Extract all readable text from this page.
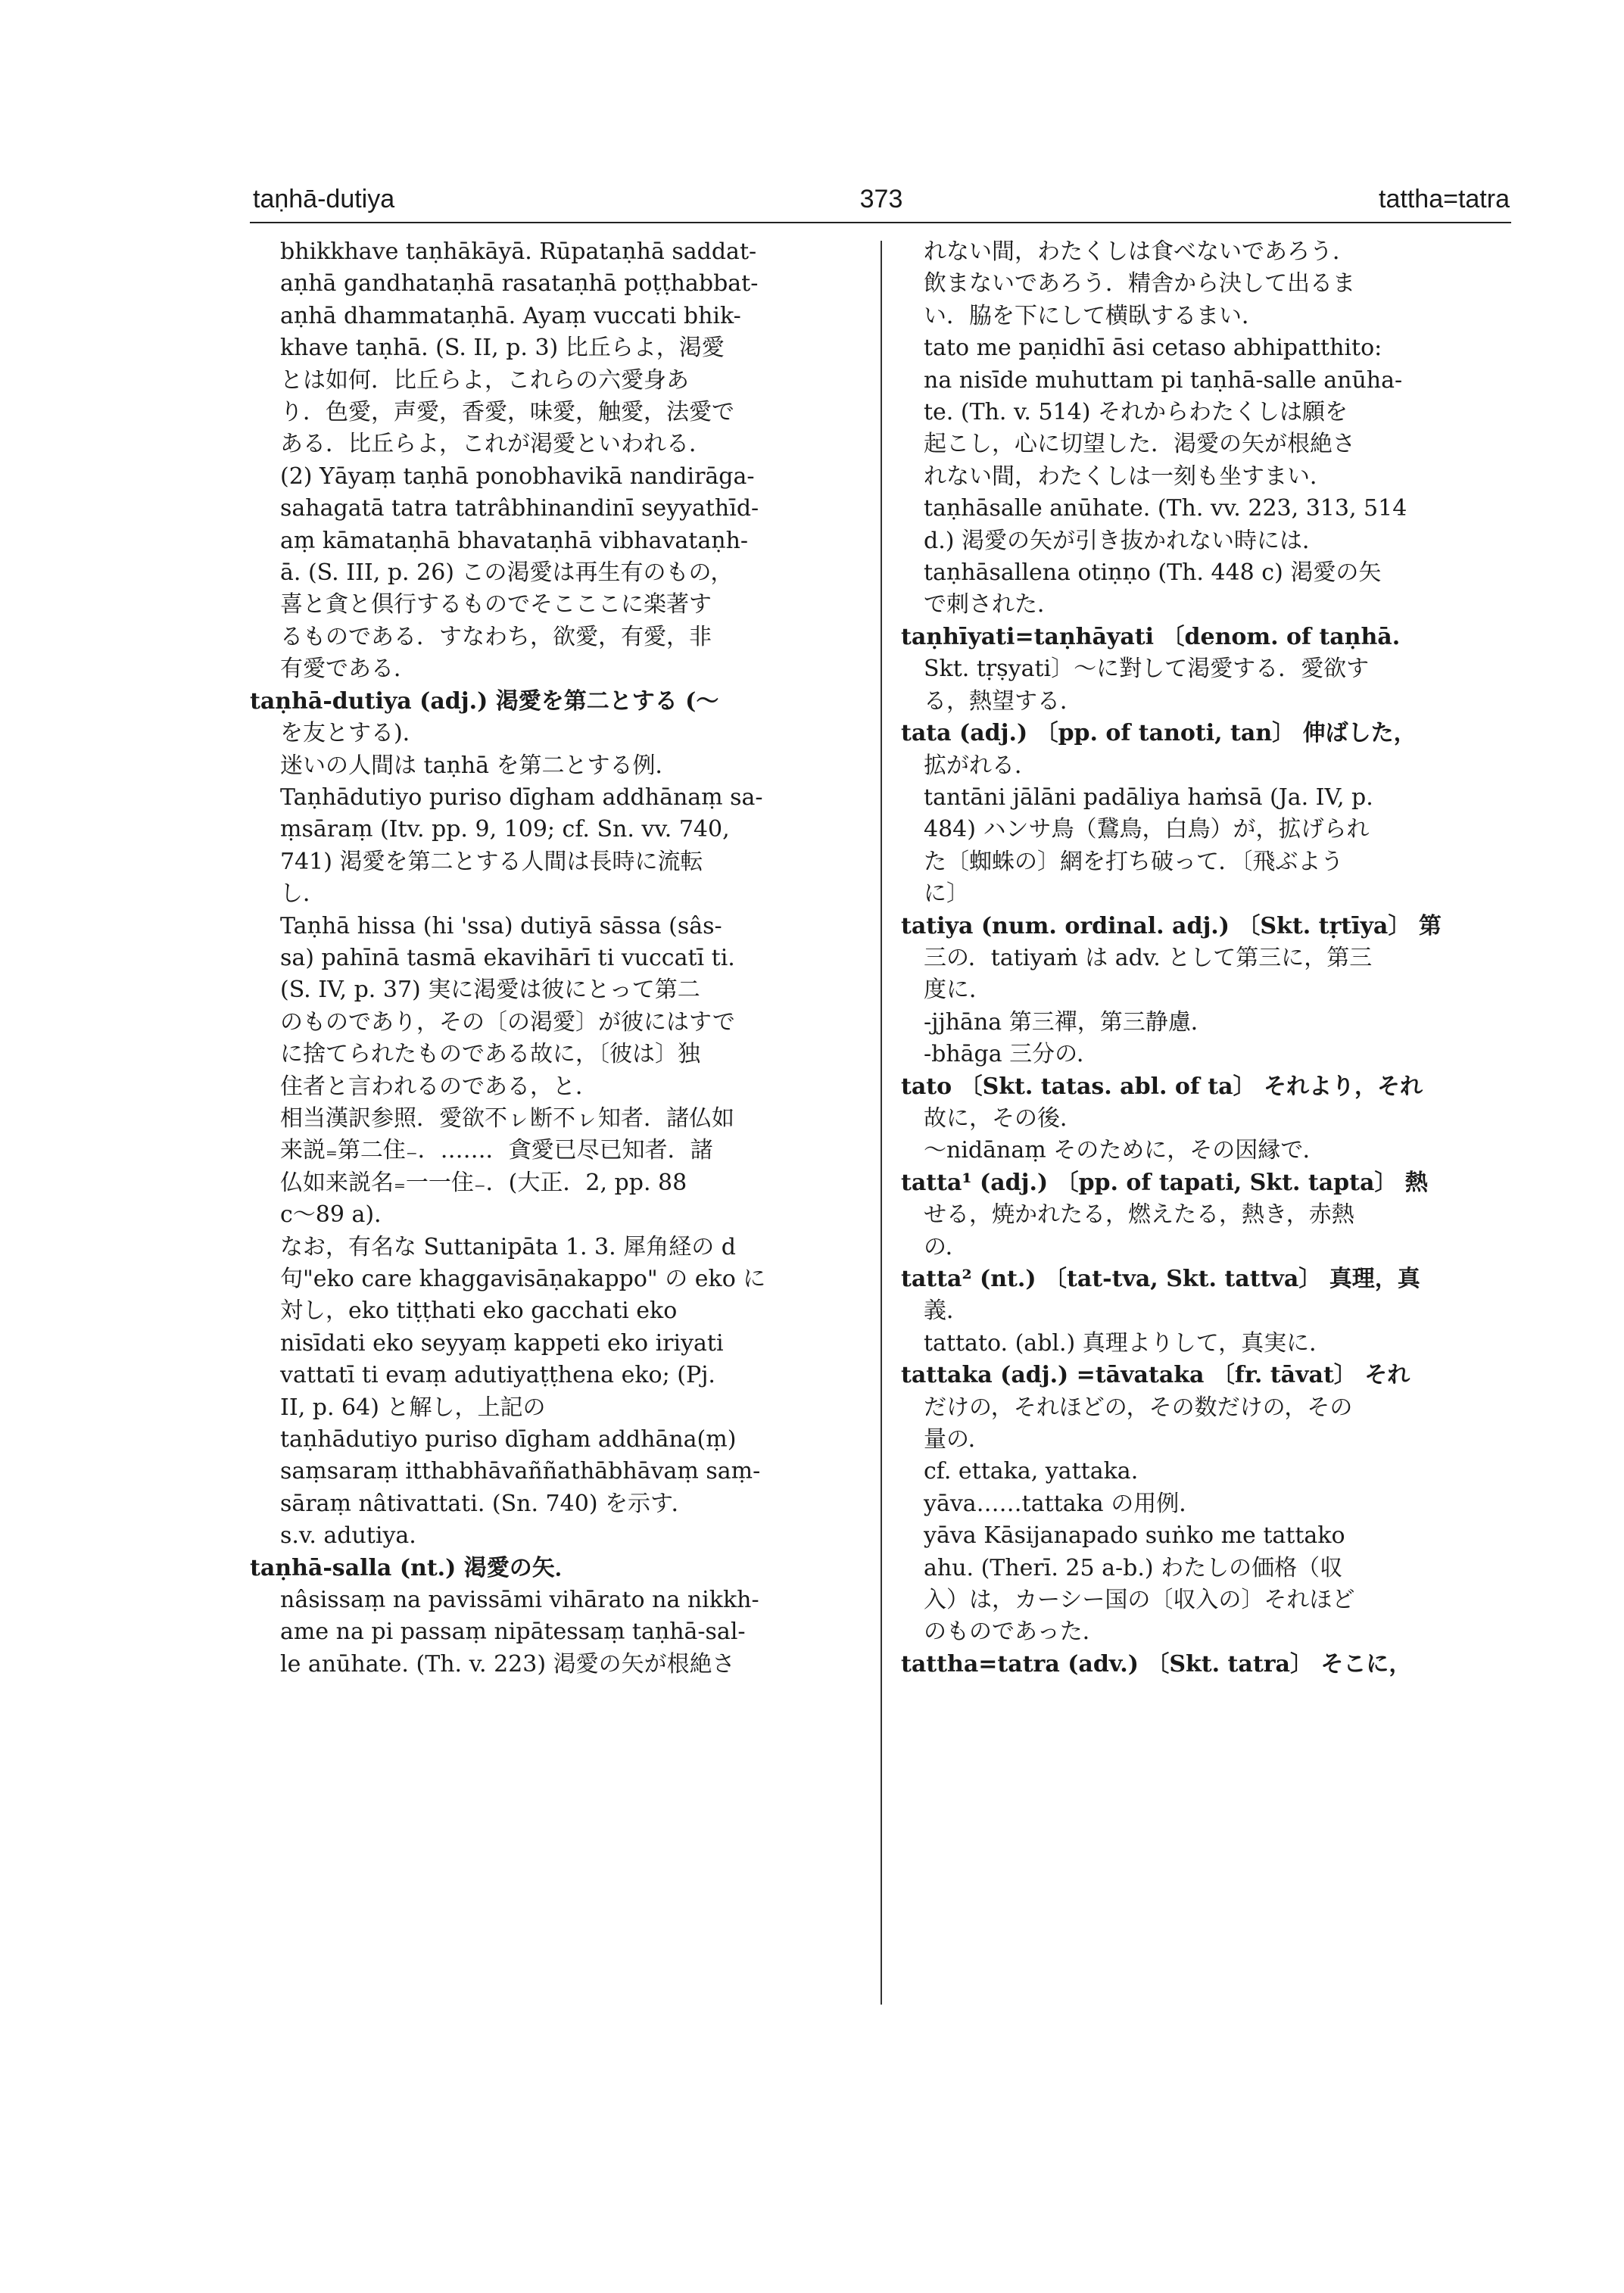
taṇhā-dutiya	373	tattha=tatra
bhikkhave taṇhākāyā. Rūpataṇhā saddat-
aṇhā gandhataṇhā rasataṇhā poṭṭhabbat-
aṇhā dhammataṇhā. Ayaṃ vuccati bhik-
khave taṇhā. (S. II, p. 3) 比丘らよ，渇愛
とは如何．比丘らよ，これらの六愛身あ
り．色愛，声愛，香愛，味愛，触愛，法愛で
ある．比丘らよ，これが渇愛といわれる．
(2) Yāyaṃ taṇhā ponobhavikā nandirāga-
sahagatā tatra tatrâbhinandinī seyyathīd-
aṃ kāmataṇhā bhavataṇhā vibhavataṇh-
ā. (S. III, p. 26) この渇愛は再生有のもの，
喜と貪と倶行するものでそこここに楽著す
るものである．すなわち，欲愛，有愛，非
有愛である．
taṇhā-dutiya (adj.) 渇愛を第二とする (～
を友とする)．
迷いの人間は taṇhā を第二とする例．
Taṇhādutiyo puriso dīgham addhānaṃ sa-
ṃsāraṃ (Itv. pp. 9, 109; cf. Sn. vv. 740,
741) 渇愛を第二とする人間は長時に流転
し．
Taṇhā hissa (hi 'ssa) dutiyā sāssa (sâs-
sa) pahīnā tasmā ekavihārī ti vuccatī ti.
(S. IV, p. 37) 実に渇愛は彼にとって第二
のものであり，その〔の渇愛〕が彼にはすで
に捨てられたものである故に，〔彼は〕独
住者と言われるのである，と．
相当漢訳参照．愛欲不ㇾ断不ㇾ知者．諸仏如
来説₌第二住₋．……．貪愛已尽已知者．諸
仏如来説名₌一一住₋．(大正．2, pp. 88
c～89 a)．
なお，有名な Suttanipāta 1. 3. 犀角経の d
句"eko care khaggavisāṇakappo" の eko に
対し，eko tiṭṭhati eko gacchati eko
nisīdati eko seyyaṃ kappeti eko iriyati
vattatī ti evaṃ adutiyaṭṭhena eko; (Pj.
II, p. 64) と解し，上記の
taṇhādutiyo puriso dīgham addhāna(ṃ)
saṃsaraṃ itthabhāvaññathābhāvaṃ saṃ-
sāraṃ nâtivattati. (Sn. 740) を示す．
s.v. adutiya.
taṇhā-salla (nt.) 渇愛の矢．
nâsissaṃ na pavissāmi vihārato na nikkh-
ame na pi passaṃ nipātessaṃ taṇhā-sal-
le anūhate. (Th. v. 223) 渇愛の矢が根絶さ
れない間，わたくしは食べないであろう．
飲まないであろう．精舎から決して出るま
い．脇を下にして横臥するまい．
tato me paṇidhī āsi cetaso abhipatthito:
na nisīde muhuttam pi taṇhā-salle anūha-
te. (Th. v. 514) それからわたくしは願を
起こし，心に切望した．渇愛の矢が根絶さ
れない間，わたくしは一刻も坐すまい．
taṇhāsalle anūhate. (Th. vv. 223, 313, 514
d.) 渇愛の矢が引き抜かれない時には．
taṇhāsallena otiṇṇo (Th. 448 c) 渇愛の矢
で刺された．
taṇhīyati=taṇhāyati 〔denom. of taṇhā.
Skt. tṛṣyati〕～に對して渇愛する．愛欲す
る，熱望する．
tata (adj.) 〔pp. of tanoti, tan〕 伸ばした，
拡がれる．
tantāni jālāni padāliya haṁsā (Ja. IV, p.
484) ハンサ鳥（鵞鳥，白鳥）が，拡げられ
た〔蜘蛛の〕網を打ち破って．〔飛ぶよう
に〕
tatiya (num. ordinal. adj.) 〔Skt. tṛtīya〕 第
三の．tatiyaṁ は adv. として第三に，第三
度に．
-jjhāna 第三禪，第三静慮．
-bhāga 三分の．
tato 〔Skt. tatas. abl. of ta〕 それより，それ
故に，その後．
～nidānaṃ そのために，その因縁で．
tatta¹ (adj.) 〔pp. of tapati, Skt. tapta〕 熱
せる，焼かれたる，燃えたる，熱き，赤熱
の．
tatta² (nt.) 〔tat-tva, Skt. tattva〕 真理，真
義．
tattato. (abl.) 真理よりして，真実に．
tattaka (adj.) =tāvataka 〔fr. tāvat〕 それ
だけの，それほどの，その数だけの，その
量の．
cf. ettaka, yattaka.
yāva……tattaka の用例．
yāva Kāsijanapado suṅko me tattako
ahu. (Therī. 25 a-b.) わたしの価格（収
入）は，カーシー国の〔収入の〕それほど
のものであった．
tattha=tatra (adv.) 〔Skt. tatra〕 そこに，
